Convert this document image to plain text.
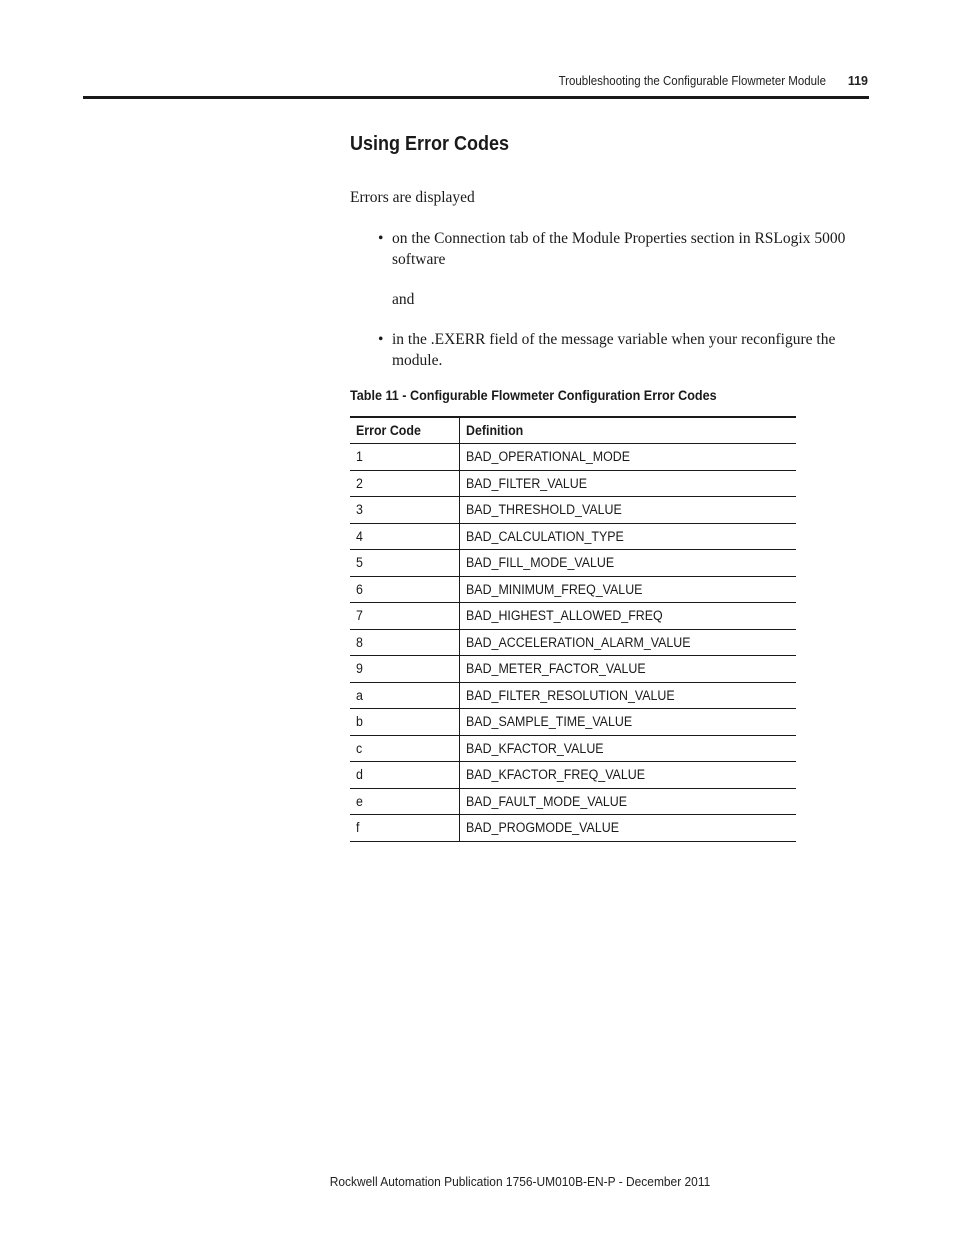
Troubleshooting the Configurable Flowmeter Module 119
Using Error Codes
Errors are displayed
• on the Connection tab of the Module Properties section in RSLogix 5000 software
and
• in the .EXERR field of the message variable when your reconfigure the module.
Table 11 - Configurable Flowmeter Configuration Error Codes
Error Code	Definition
1	BAD_OPERATIONAL_MODE
2	BAD_FILTER_VALUE
3	BAD_THRESHOLD_VALUE
4	BAD_CALCULATION_TYPE
5	BAD_FILL_MODE_VALUE
6	BAD_MINIMUM_FREQ_VALUE
7	BAD_HIGHEST_ALLOWED_FREQ
8	BAD_ACCELERATION_ALARM_VALUE
9	BAD_METER_FACTOR_VALUE
a	BAD_FILTER_RESOLUTION_VALUE
b	BAD_SAMPLE_TIME_VALUE
c	BAD_KFACTOR_VALUE
d	BAD_KFACTOR_FREQ_VALUE
e	BAD_FAULT_MODE_VALUE
f	BAD_PROGMODE_VALUE
Rockwell Automation Publication 1756-UM010B-EN-P - December 2011
